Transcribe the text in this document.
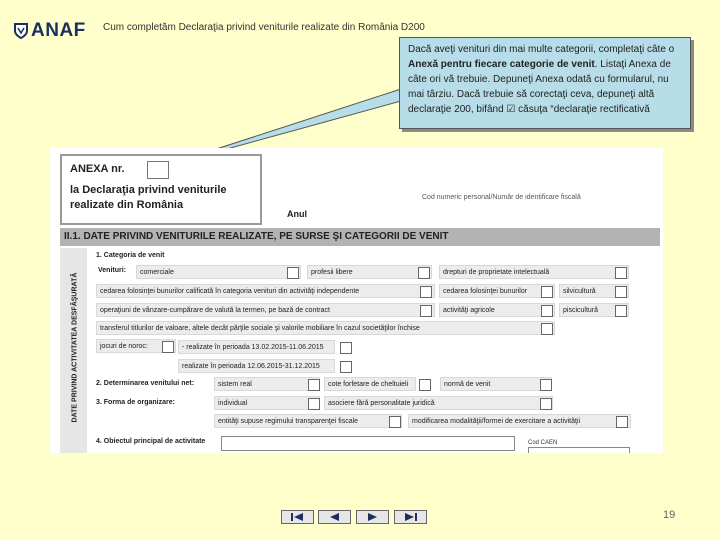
ANAF Cum completăm Declaraţia privind veniturile realizate din România D200
Dacă aveţi venituri din mai multe categorii, completaţi câte o Anexă pentru fiecare categorie de venit. Listaţi Anexa de câte ori vă trebuie. Depuneţi Anexa odată cu formularul, nu mai târziu. Dacă trebuie să corectaţi ceva, depuneţi altă declaraţie 200, bifând ☑ căsuţa “declaraţie rectificativă
ANEXA nr.
la Declaraţia privind veniturile realizate din România
Anul
Cod numeric personal/Număr de identificare fiscală
II.1. DATE PRIVIND VENITURILE REALIZATE, PE SURSE ŞI CATEGORII DE VENIT
DATE PRIVIND ACTIVITATEA DESFĂŞURATĂ
1. Categoria de venit
Venituri:	comerciale	profesii libere	drepturi de proprietate intelectuală
cedarea folosinţei bunurilor calificată în categoria venituri din activităţi independente	cedarea folosinţei bunurilor	silvicultură
operaţiuni de vânzare-cumpărare de valută la termen, pe bază de contract	activităţi agricole	piscicultură
transferul titlurilor de valoare, altele decât părţile sociale şi valorile mobiliare în cazul societăţilor închise
jocuri de noroc:	- realizate în perioada 13.02.2015-11.06.2015
realizate în perioada 12.06.2015-31.12.2015
2. Determinarea venitului net:	sistem real	cote forfetare de cheltuieli	normă de venit
3. Forma de organizare:	individual	asociere fără personalitate juridică
entităţi supuse regimului transparenţei fiscale	modificarea modalităţii/formei de exercitare a activităţii
4. Obiectul principal de activitate	Cod CAEN
19
